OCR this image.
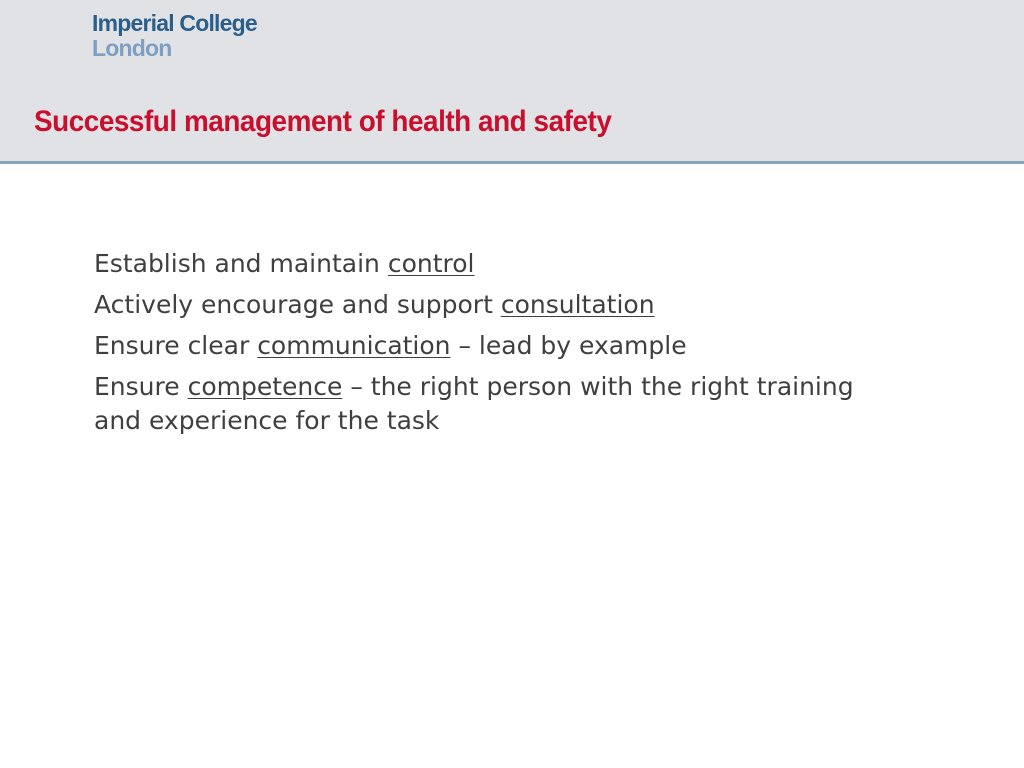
Imperial College
London
Successful management of health and safety
Establish and maintain control
Actively encourage and support consultation
Ensure clear communication – lead by example
Ensure competence – the right person with the right training and experience for the task
